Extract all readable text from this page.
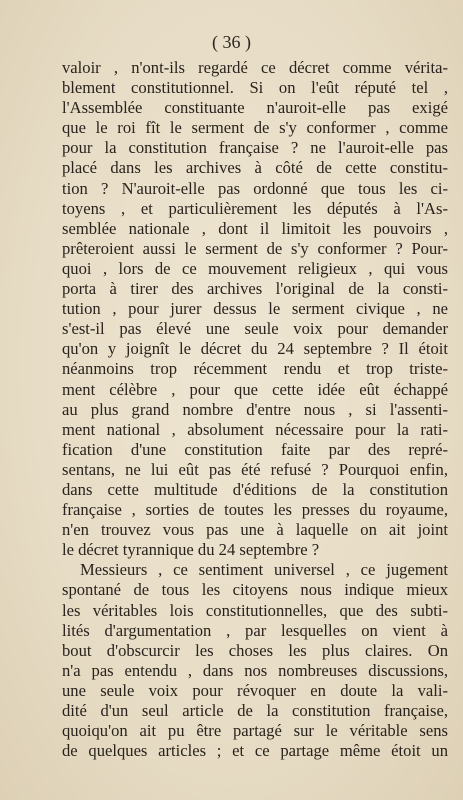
( 36 )
valoir , n'ont-ils regardé ce décret comme vérita-
blement constitutionnel. Si on l'eût réputé tel ,
l'Assemblée constituante n'auroit-elle pas exigé
que le roi fît le serment de s'y conformer , comme
pour la constitution française ? ne l'auroit-elle pas
placé dans les archives à côté de cette constitu-
tion ? N'auroit-elle pas ordonné que tous les ci-
toyens , et particulièrement les députés à l'As-
semblée nationale , dont il limitoit les pouvoirs ,
prêteroient aussi le serment de s'y conformer ? Pour-
quoi , lors de ce mouvement religieux , qui vous
porta à tirer des archives l'original de la consti-
tution , pour jurer dessus le serment civique , ne
s'est-il pas élevé une seule voix pour demander
qu'on y joignît le décret du 24 septembre ? Il étoit
néanmoins trop récemment rendu et trop triste-
ment célèbre , pour que cette idée eût échappé
au plus grand nombre d'entre nous , si l'assenti-
ment national , absolument nécessaire pour la rati-
fication d'une constitution faite par des repré-
sentans, ne lui eût pas été refusé ? Pourquoi enfin,
dans cette multitude d'éditions de la constitution
française , sorties de toutes les presses du royaume,
n'en trouvez vous pas une à laquelle on ait joint
le décret tyrannique du 24 septembre ?
Messieurs , ce sentiment universel , ce jugement
spontané de tous les citoyens nous indique mieux
les véritables lois constitutionnelles, que des subti-
lités d'argumentation , par lesquelles on vient à
bout d'obscurcir les choses les plus claires. On
n'a pas entendu , dans nos nombreuses discussions,
une seule voix pour révoquer en doute la vali-
dité d'un seul article de la constitution française,
quoiqu'on ait pu être partagé sur le véritable sens
de quelques articles ; et ce partage même étoit un
